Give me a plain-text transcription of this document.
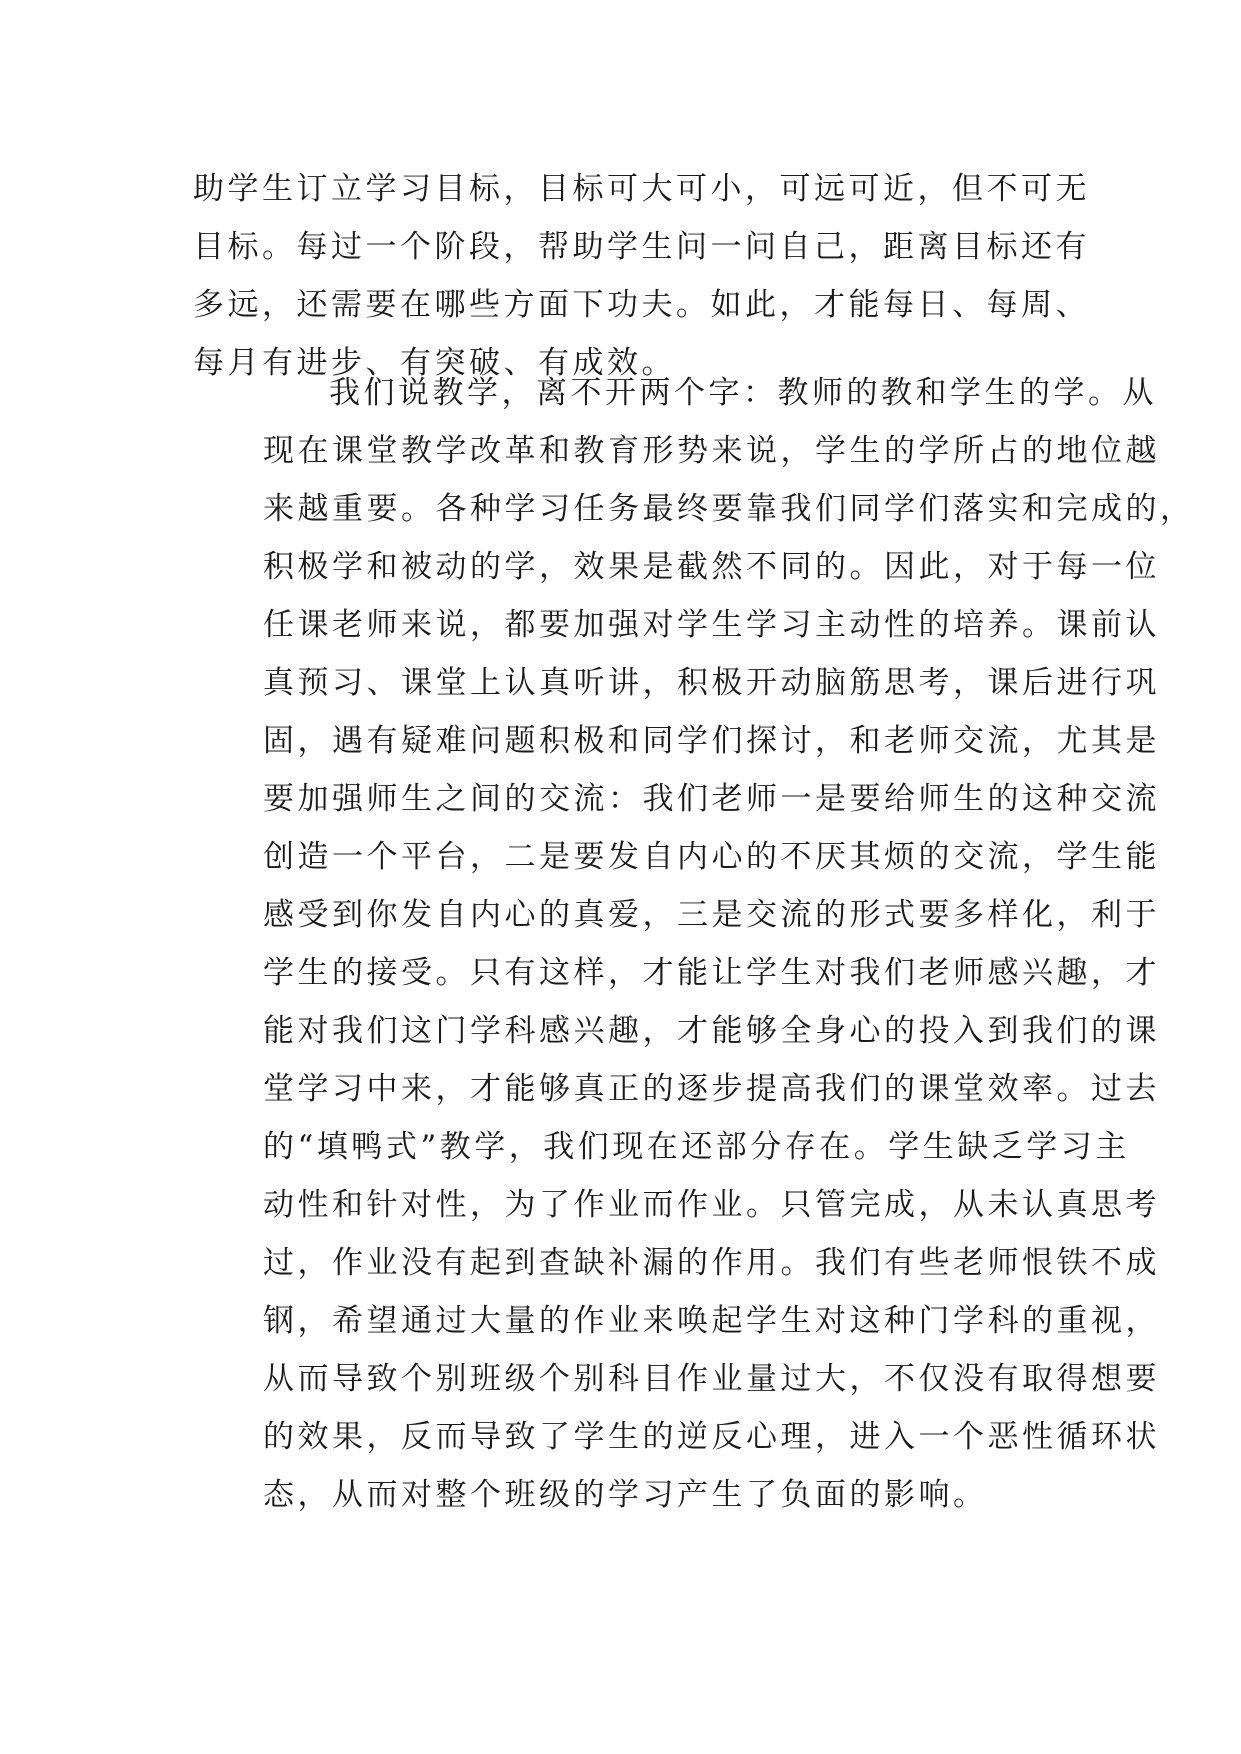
助学生订立学习目标，目标可大可小，可远可近，但不可无
目标。每过一个阶段，帮助学生问一问自己，距离目标还有
多远，还需要在哪些方面下功夫。如此，才能每日、每周、
每月有进步、有突破、有成效。
我们说教学，离不开两个字：教师的教和学生的学。从
现在课堂教学改革和教育形势来说，学生的学所占的地位越
来越重要。各种学习任务最终要靠我们同学们落实和完成的，
积极学和被动的学，效果是截然不同的。因此，对于每一位
任课老师来说，都要加强对学生学习主动性的培养。课前认
真预习、课堂上认真听讲，积极开动脑筋思考，课后进行巩
固，遇有疑难问题积极和同学们探讨，和老师交流，尤其是
要加强师生之间的交流：我们老师一是要给师生的这种交流
创造一个平台，二是要发自内心的不厌其烦的交流，学生能
感受到你发自内心的真爱，三是交流的形式要多样化，利于
学生的接受。只有这样，才能让学生对我们老师感兴趣，才
能对我们这门学科感兴趣，才能够全身心的投入到我们的课
堂学习中来，才能够真正的逐步提高我们的课堂效率。过去
的“填鸭式”教学，我们现在还部分存在。学生缺乏学习主
动性和针对性，为了作业而作业。只管完成，从未认真思考
过，作业没有起到查缺补漏的作用。我们有些老师恨铁不成
钢，希望通过大量的作业来唤起学生对这种门学科的重视，
从而导致个别班级个别科目作业量过大，不仅没有取得想要
的效果，反而导致了学生的逆反心理，进入一个恶性循环状
态，从而对整个班级的学习产生了负面的影响。
